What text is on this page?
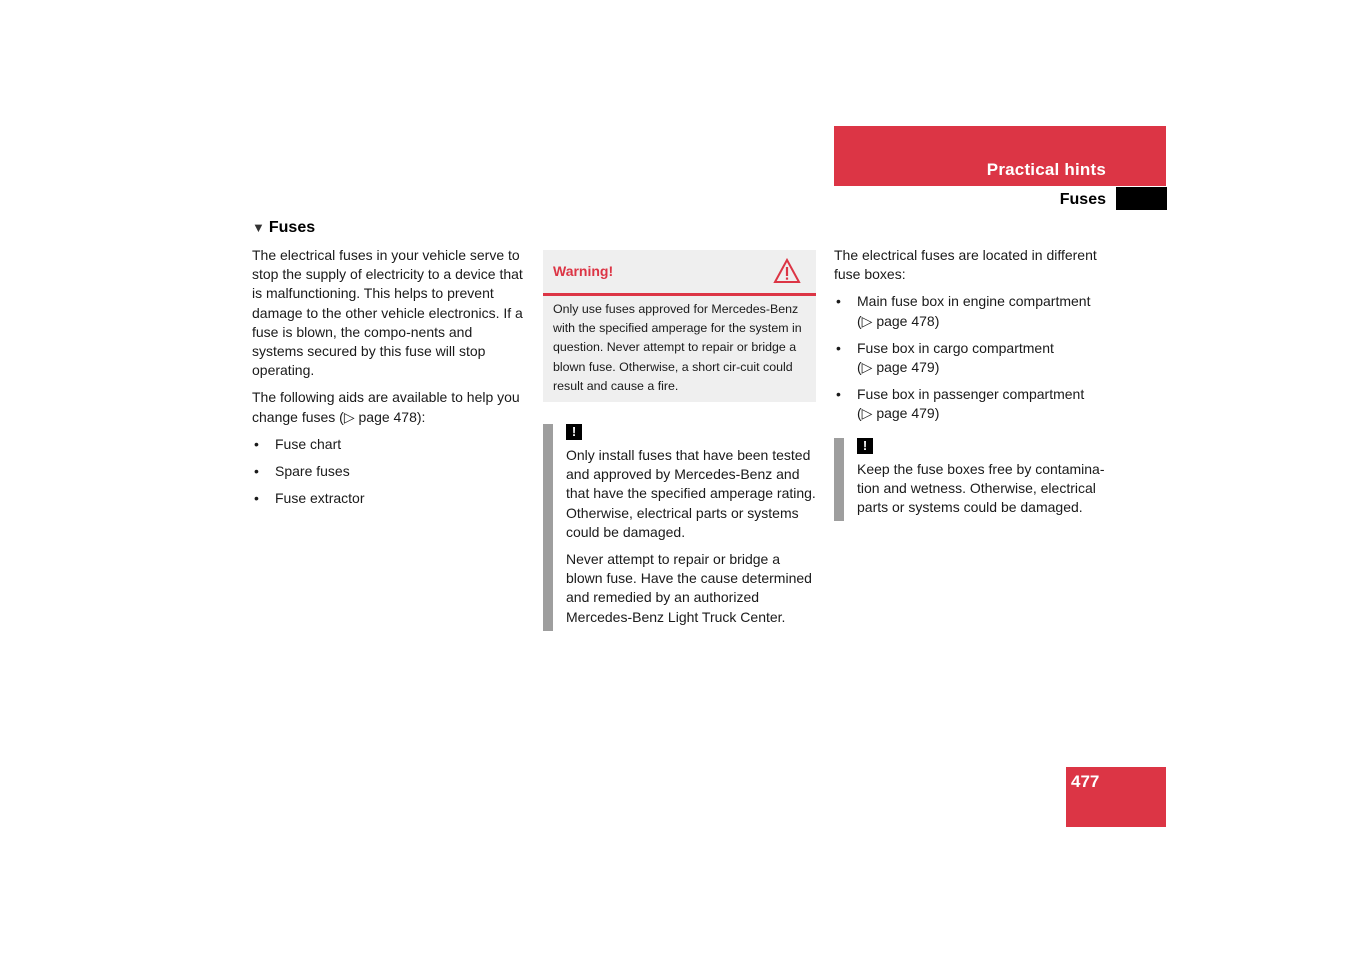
Practical hints
Fuses
▼ Fuses

The electrical fuses in your vehicle serve to stop the supply of electricity to a device that is malfunctioning. This helps to prevent damage to the other vehicle electronics. If a fuse is blown, the compo-nents and systems secured by this fuse will stop operating.

The following aids are available to help you change fuses (▷ page 478):

• Fuse chart
• Spare fuses
• Fuse extractor
Warning!
Only use fuses approved for Mercedes-Benz with the specified amperage for the system in question. Never attempt to repair or bridge a blown fuse. Otherwise, a short cir-cuit could result and cause a fire.
!

Only install fuses that have been tested and approved by Mercedes-Benz and that have the specified amperage rating. Otherwise, electrical parts or systems could be damaged.

Never attempt to repair or bridge a blown fuse. Have the cause determined and remedied by an authorized Mercedes-Benz Light Truck Center.

The electrical fuses are located in different fuse boxes:

• Main fuse box in engine compartment
(▷ page 478)
• Fuse box in cargo compartment
(▷ page 479)
• Fuse box in passenger compartment
(▷ page 479)
!

Keep the fuse boxes free by contamina-tion and wetness. Otherwise, electrical parts or systems could be damaged.

477
